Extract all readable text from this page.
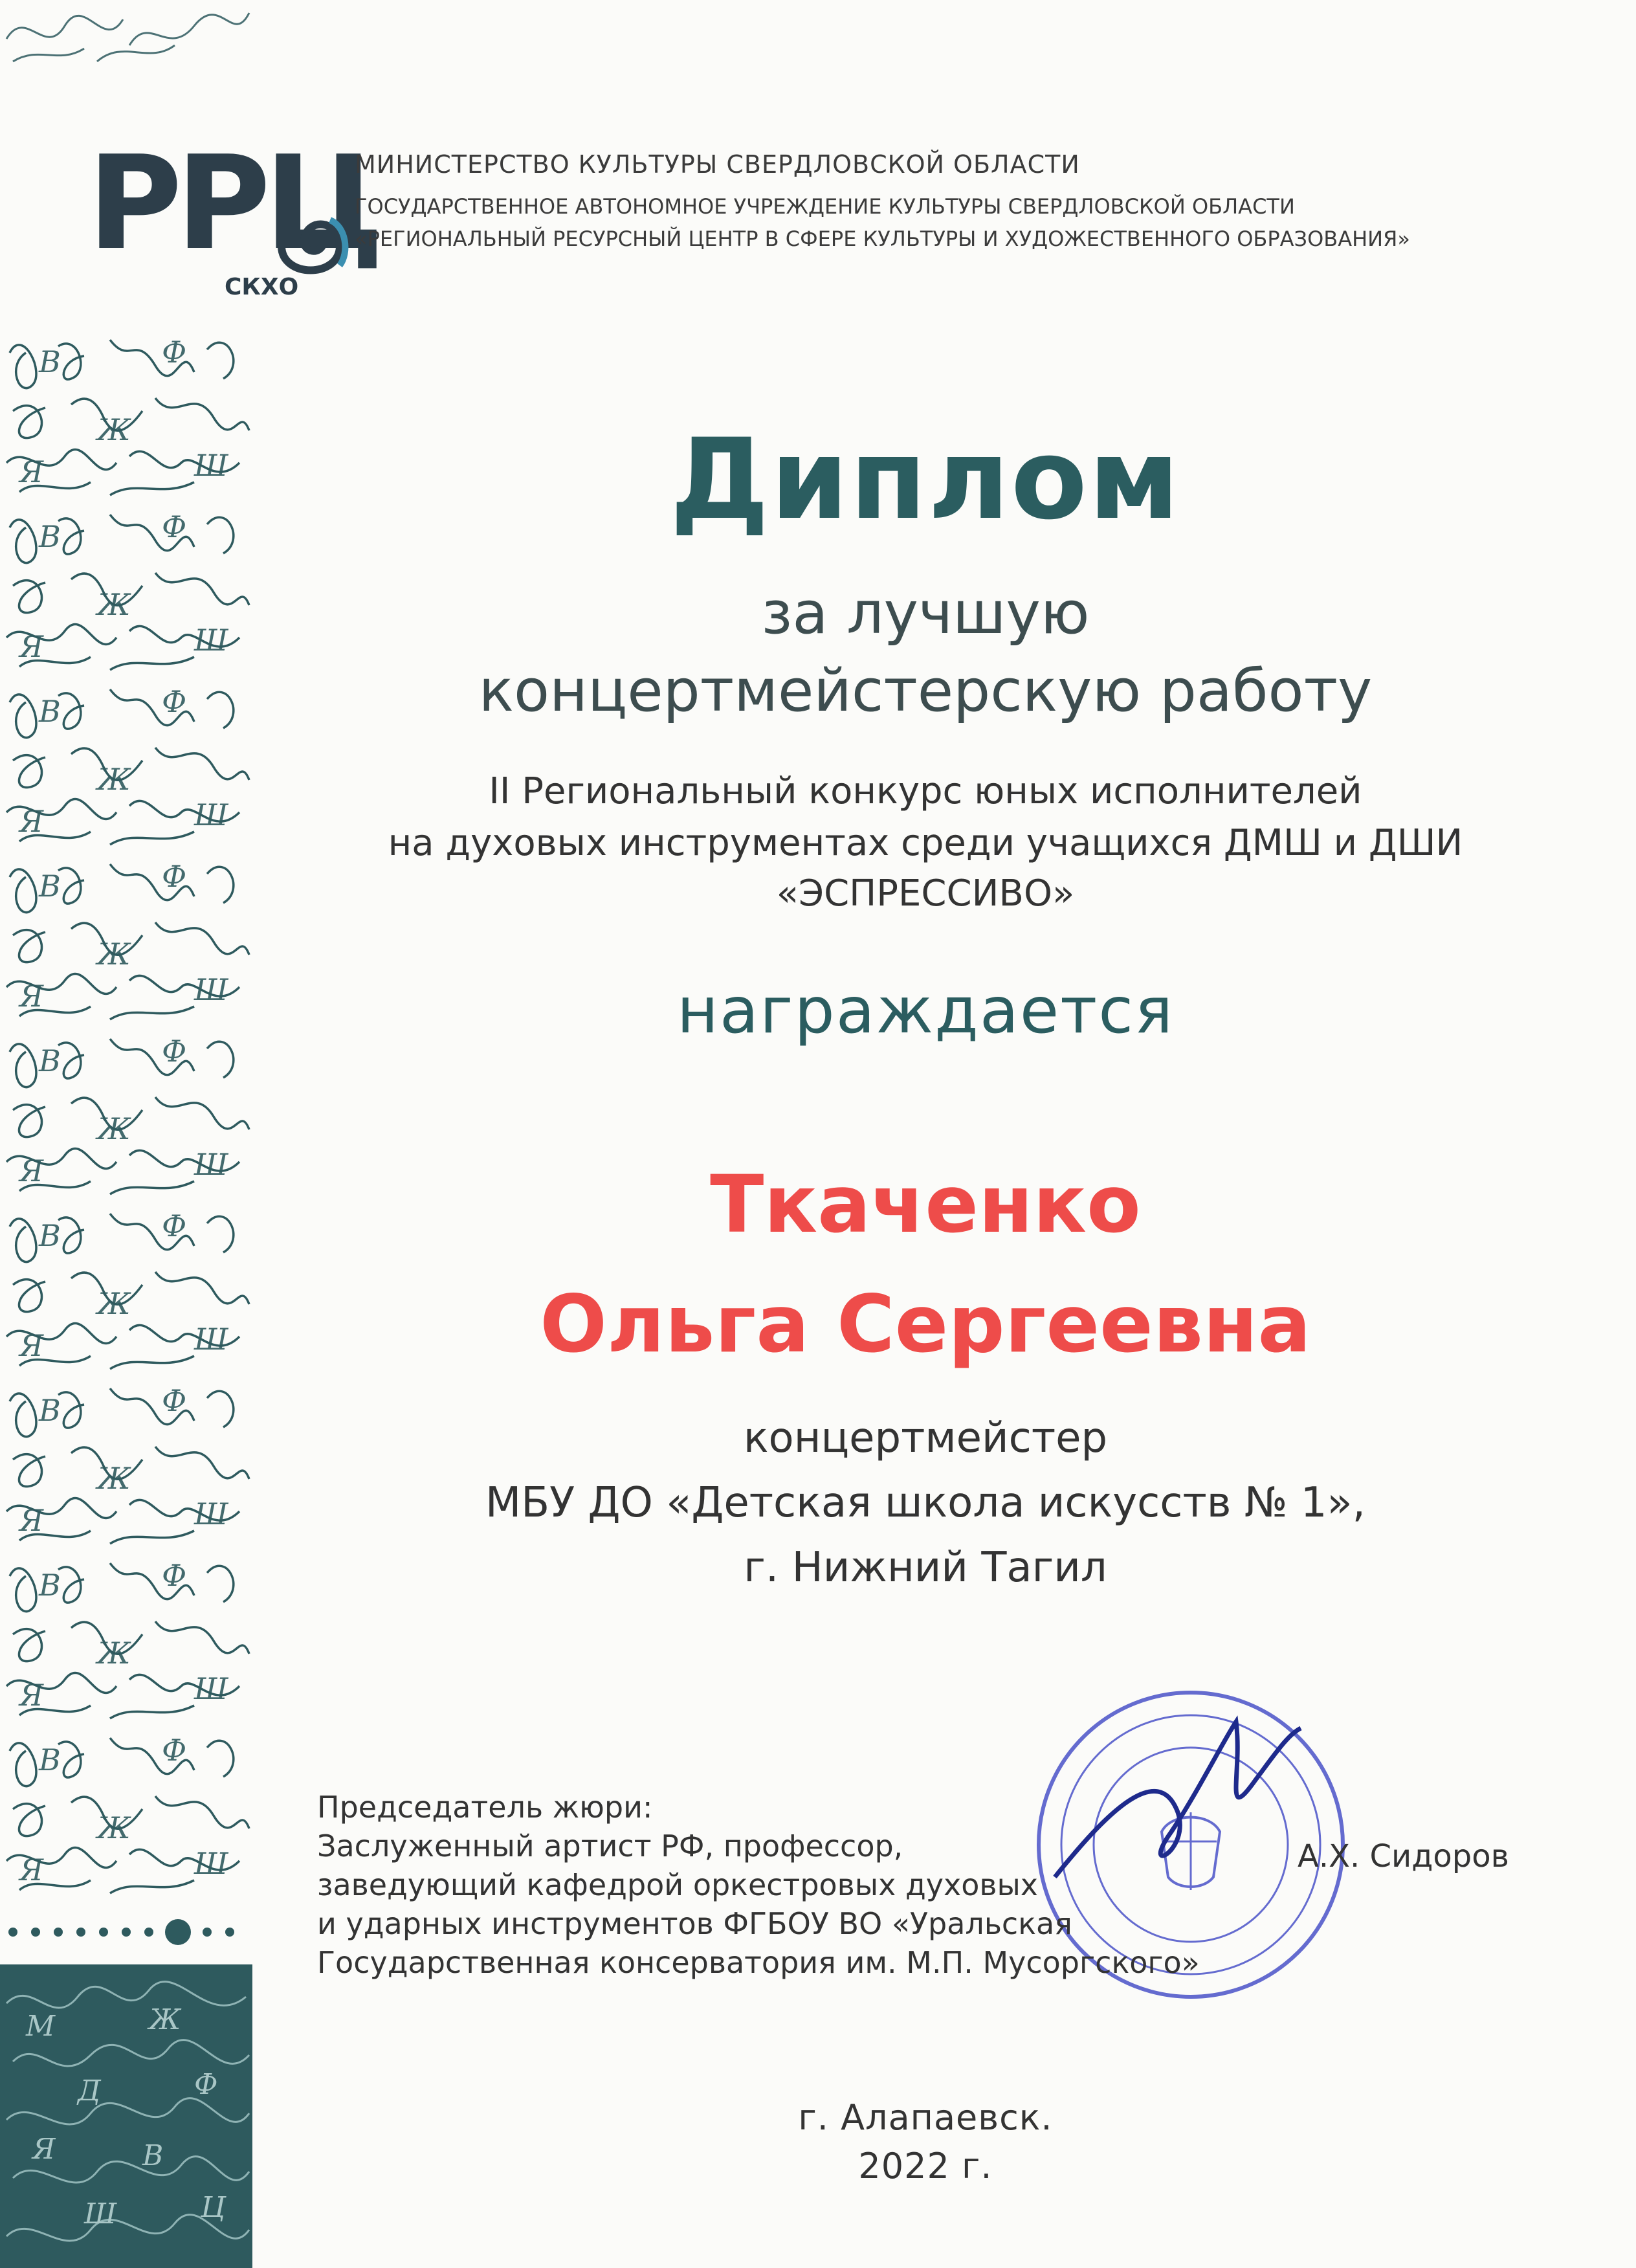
М	Ж
Д	Ф
Я	В
Ш	Ц
РРЦ
СКХО
МИНИСТЕРСТВО КУЛЬТУРЫ СВЕРДЛОВСКОЙ ОБЛАСТИ
ГОСУДАРСТВЕННОЕ АВТОНОМНОЕ УЧРЕЖДЕНИЕ КУЛЬТУРЫ СВЕРДЛОВСКОЙ ОБЛАСТИ
«РЕГИОНАЛЬНЫЙ РЕСУРСНЫЙ ЦЕНТР В СФЕРЕ КУЛЬТУРЫ И ХУДОЖЕСТВЕННОГО ОБРАЗОВАНИЯ»
Диплом
за лучшую
концертмейстерскую работу
II Региональный конкурс юных исполнителей
на духовых инструментах среди учащихся ДМШ и ДШИ
«ЭСПРЕССИВО»
награждается
Ткаченко
Ольга Сергеевна
концертмейстер
МБУ ДО «Детская школа искусств № 1»,
г. Нижний Тагил
Председатель жюри:
Заслуженный артист РФ, профессор,
заведующий кафедрой оркестровых духовых
и ударных инструментов ФГБОУ ВО «Уральская
Государственная консерватория им. М.П. Мусоргского»
А.Х. Сидоров
г. Алапаевск.
2022 г.
